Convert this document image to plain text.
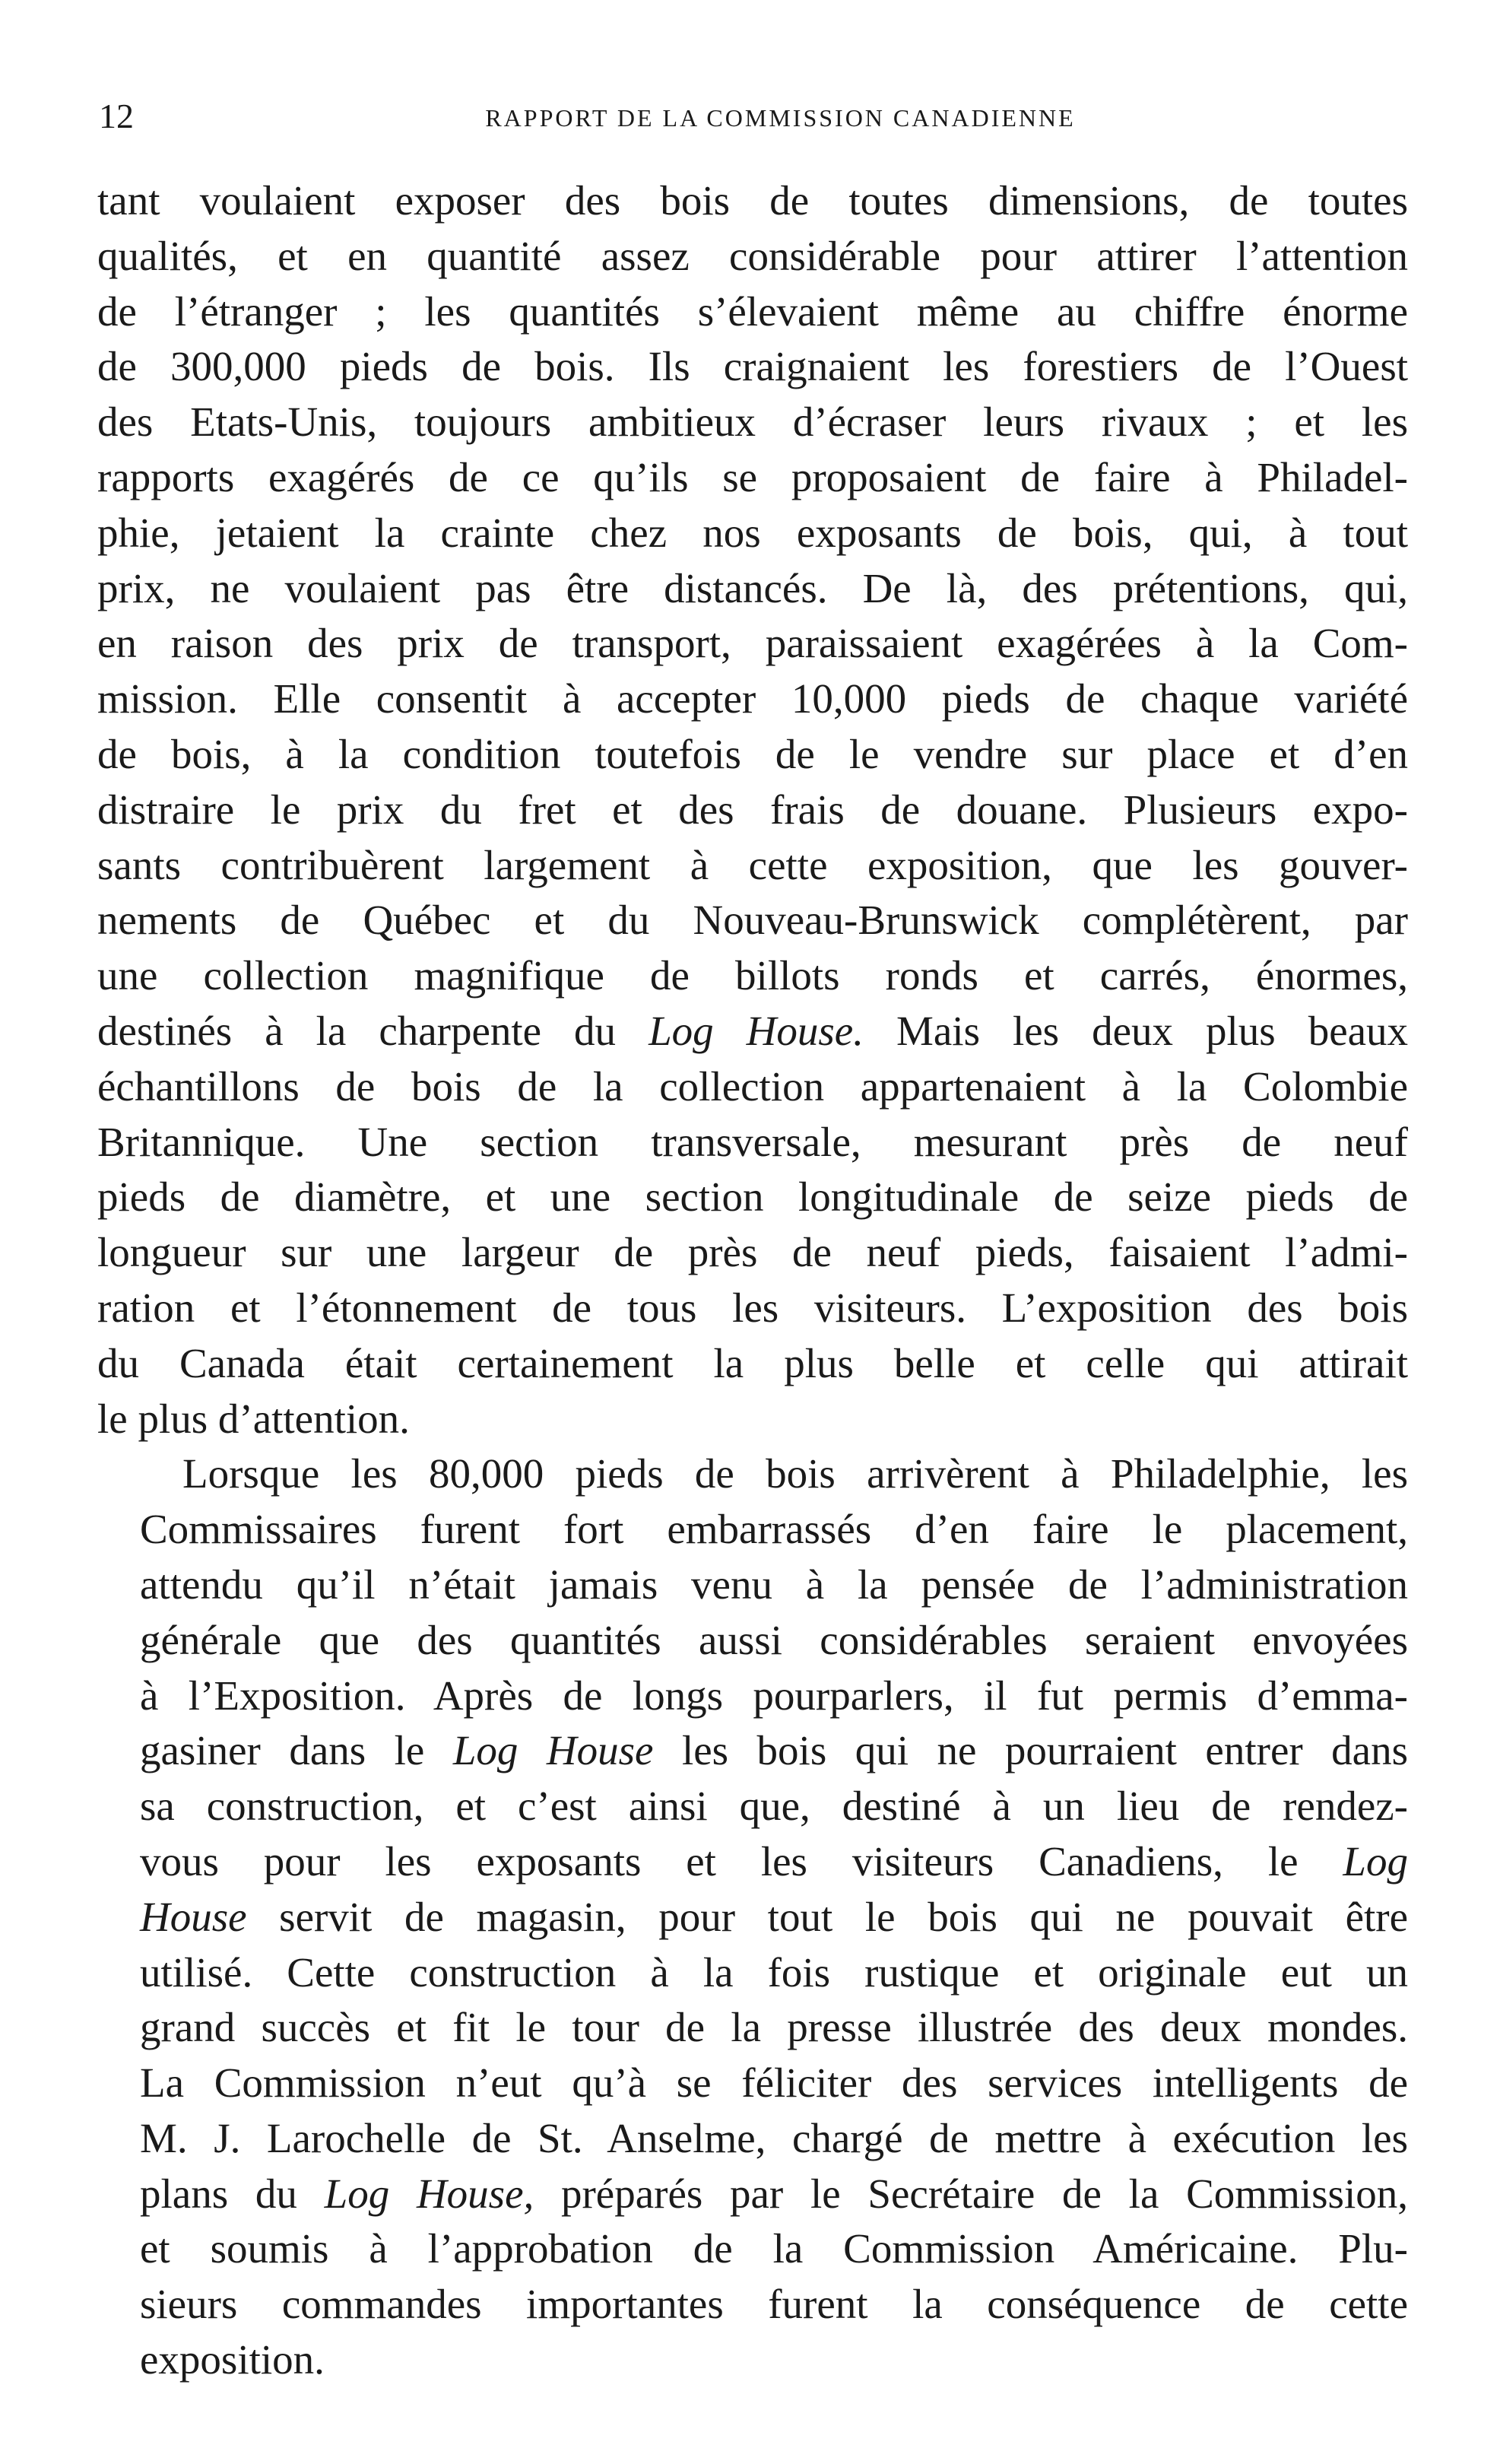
12	RAPPORT DE LA COMMISSION CANADIENNE

tant voulaient exposer des bois de toutes dimensions, de toutes
qualités, et en quantité assez considérable pour attirer l’attention
de l’étranger ; les quantités s’élevaient même au chiffre énorme
de 300,000 pieds de bois. Ils craignaient les forestiers de l’Ouest
des Etats-Unis, toujours ambitieux d’écraser leurs rivaux ; et les
rapports exagérés de ce qu’ils se proposaient de faire à Philadel-
phie, jetaient la crainte chez nos exposants de bois, qui, à tout
prix, ne voulaient pas être distancés. De là, des prétentions, qui,
en raison des prix de transport, paraissaient exagérées à la Com-
mission. Elle consentit à accepter 10,000 pieds de chaque variété
de bois, à la condition toutefois de le vendre sur place et d’en
distraire le prix du fret et des frais de douane. Plusieurs expo-
sants contribuèrent largement à cette exposition, que les gouver-
nements de Québec et du Nouveau-Brunswick complétèrent, par
une collection magnifique de billots ronds et carrés, énormes,
destinés à la charpente du Log House. Mais les deux plus beaux
échantillons de bois de la collection appartenaient à la Colombie
Britannique. Une section transversale, mesurant près de neuf
pieds de diamètre, et une section longitudinale de seize pieds de
longueur sur une largeur de près de neuf pieds, faisaient l’admi-
ration et l’étonnement de tous les visiteurs. L’exposition des bois
du Canada était certainement la plus belle et celle qui attirait
le plus d’attention.

Lorsque les 80,000 pieds de bois arrivèrent à Philadelphie, les
Commissaires furent fort embarrassés d’en faire le placement,
attendu qu’il n’était jamais venu à la pensée de l’administration
générale que des quantités aussi considérables seraient envoyées
à l’Exposition. Après de longs pourparlers, il fut permis d’emma-
gasiner dans le Log House les bois qui ne pourraient entrer dans
sa construction, et c’est ainsi que, destiné à un lieu de rendez-
vous pour les exposants et les visiteurs Canadiens, le Log
House servit de magasin, pour tout le bois qui ne pouvait être
utilisé. Cette construction à la fois rustique et originale eut un
grand succès et fit le tour de la presse illustrée des deux mondes.
La Commission n’eut qu’à se féliciter des services intelligents de
M. J. Larochelle de St. Anselme, chargé de mettre à exécution les
plans du Log House, préparés par le Secrétaire de la Commission,
et soumis à l’approbation de la Commission Américaine. Plu-
sieurs commandes importantes furent la conséquence de cette
exposition.
